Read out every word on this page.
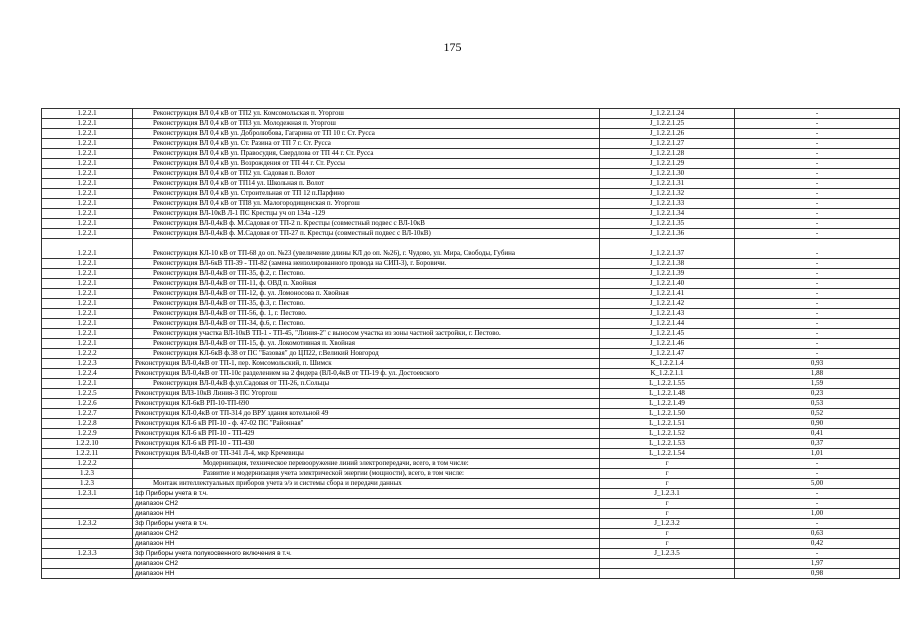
175
1.2.2.1	Реконструкция ВЛ 0,4 кВ от ТП2 ул. Комсомольская п. Угоргош	J_1.2.2.1.24	-
1.2.2.1	Реконструкция ВЛ 0,4 кВ от ТП3 ул. Молодежная п. Угоргош	J_1.2.2.1.25	-
1.2.2.1	Реконструкция ВЛ 0,4 кВ ул. Добролюбова, Гагарина от ТП 10 г. Ст. Русса	J_1.2.2.1.26	-
1.2.2.1	Реконструкция ВЛ 0,4 кВ ул. Ст. Разина от ТП 7 г. Ст. Русса	J_1.2.2.1.27	-
1.2.2.1	Реконструкция ВЛ 0,4 кВ ул. Правосудия, Свердлова от ТП 44 г. Ст. Русса	J_1.2.2.1.28	-
1.2.2.1	Реконструкция ВЛ 0,4 кВ ул. Возрождения от ТП 44 г. Ст. Руссы	J_1.2.2.1.29	-
1.2.2.1	Реконструкция ВЛ 0,4 кВ от ТП2 ул. Садовая п. Волот	J_1.2.2.1.30	-
1.2.2.1	Реконструкция ВЛ 0,4 кВ от ТП14 ул. Школьная п. Волот	J_1.2.2.1.31	-
1.2.2.1	Реконструкция ВЛ 0,4 кВ ул. Строительная от ТП 12 п.Парфино	J_1.2.2.1.32	-
1.2.2.1	Реконструкция ВЛ 0,4 кВ от ТП8 ул. Малогородищенская п. Угоргош	J_1.2.2.1.33	-
1.2.2.1	Реконструкция ВЛ-10кВ Л-1 ПС Крестцы уч оп 134а -129	J_1.2.2.1.34	-
1.2.2.1	Реконструкция ВЛ-0,4кВ ф. М.Садовая от ТП-2 п. Крестцы (совместный подвес с ВЛ-10кВ	J_1.2.2.1.35	-
1.2.2.1	Реконструкция ВЛ-0,4кВ ф. М.Садовая от ТП-27 п. Крестцы (совместный подвес с ВЛ-10кВ)	J_1.2.2.1.36	-
1.2.2.1	Реконструкция КЛ-10 кВ от ТП-68 до оп. №23 (увеличение длины КЛ до оп. №26), г. Чудово, ул. Мира, Свободы, Губина	J_1.2.2.1.37	-
1.2.2.1	Реконструкция ВЛ-6кВ ТП-39 - ТП-82 (замена неизолированного провода на СИП-3), г. Боровичи.	J_1.2.2.1.38	-
1.2.2.1	Реконструкция ВЛ-0,4кВ от ТП-35, ф.2, г. Пестово.	J_1.2.2.1.39	-
1.2.2.1	Реконструкция ВЛ-0,4кВ от ТП-11, ф. ОВД п. Хвойная	J_1.2.2.1.40	-
1.2.2.1	Реконструкция ВЛ-0,4кВ от ТП-12, ф. ул. Ломоносова п. Хвойная	J_1.2.2.1.41	-
1.2.2.1	Реконструкция ВЛ-0,4кВ от ТП-35, ф.3, г. Пестово.	J_1.2.2.1.42	-
1.2.2.1	Реконструкция ВЛ-0,4кВ от ТП-56, ф. 1, г. Пестово.	J_1.2.2.1.43	-
1.2.2.1	Реконструкция ВЛ-0,4кВ от ТП-34, ф.6, г. Пестово.	J_1.2.2.1.44	-
1.2.2.1	Реконструкция участка ВЛ-10кВ ТП-1 - ТП-45, "Линия-2" с выносом участка из зоны частной застройки, г. Пестово.	J_1.2.2.1.45	-
1.2.2.1	Реконструкция ВЛ-0,4кВ от ТП-15, ф. ул. Локомотивная п. Хвойная	J_1.2.2.1.46	-
1.2.2.2	Реконструкция КЛ-6кВ ф.38 от ПС "Базовая" до ЦП22, г.Великий Новгород	J_1.2.2.1.47	-
1.2.2.3	Реконструкция ВЛ-0,4кВ от ТП-1, пер. Комсомольский, п. Шимск	K_1.2.2.1.4	0,93
1.2.2.4	Реконструкция ВЛ-0,4кВ от ТП-10с разделением на 2 фидера (ВЛ-0,4кВ от ТП-19 ф. ул. Достоевского	K_1.2.2.1.1	1,88
1.2.2.1	Реконструкция ВЛ-0,4кВ ф.ул.Садовая от ТП-26, п.Сольцы	L_1.2.2.1.55	1,59
1.2.2.5	Реконструкция ВЛЗ-10кВ Линия-3 ПС Угоргош	L_1.2.2.1.48	0,23
1.2.2.6	Реконструкция КЛ-6кВ РП-10-ТП-690	L_1.2.2.1.49	0,53
1.2.2.7	Реконструкция КЛ-0,4кВ от ТП-314 до ВРУ здания котельной 49	L_1.2.2.1.50	0,52
1.2.2.8	Реконструкция КЛ-6 кВ РП-10 - ф. 47-02 ПС "Районная"	L_1.2.2.1.51	0,90
1.2.2.9	Реконструкция КЛ-6 кВ РП-10 - ТП-429	L_1.2.2.1.52	0,41
1.2.2.10	Реконструкция КЛ-6 кВ РП-10 - ТП-430	L_1.2.2.1.53	0,37
1.2.2.11	Реконструкция ВЛ-0,4кВ от ТП-341 Л-4, мкр Кречевицы	L_1.2.2.1.54	1,01
1.2.2.2	Модернизация, техническое перевооружение линий электропередачи, всего, в том числе:	г	-
1.2.3	Развитие и модернизация учета электрической энергии (мощности), всего, в том числе:	г	-
1.2.3	Монтаж интеллектуальных приборов учета э/э и системы сбора и передачи данных	г	5,00
1.2.3.1	1ф Приборы учета в т.ч.	J_1.2.3.1	-
	диапазон СН2	г	-
	диапазон НН	г	1,00
1.2.3.2	3ф Приборы учета в т.ч.	J_1.2.3.2	-
	диапазон СН2	г	0,63
	диапазон НН	г	0,42
1.2.3.3	3ф Приборы учета полукосвенного включения в т.ч.	J_1.2.3.5	-
	диапазон СН2		1,97
	диапазон НН		0,98
